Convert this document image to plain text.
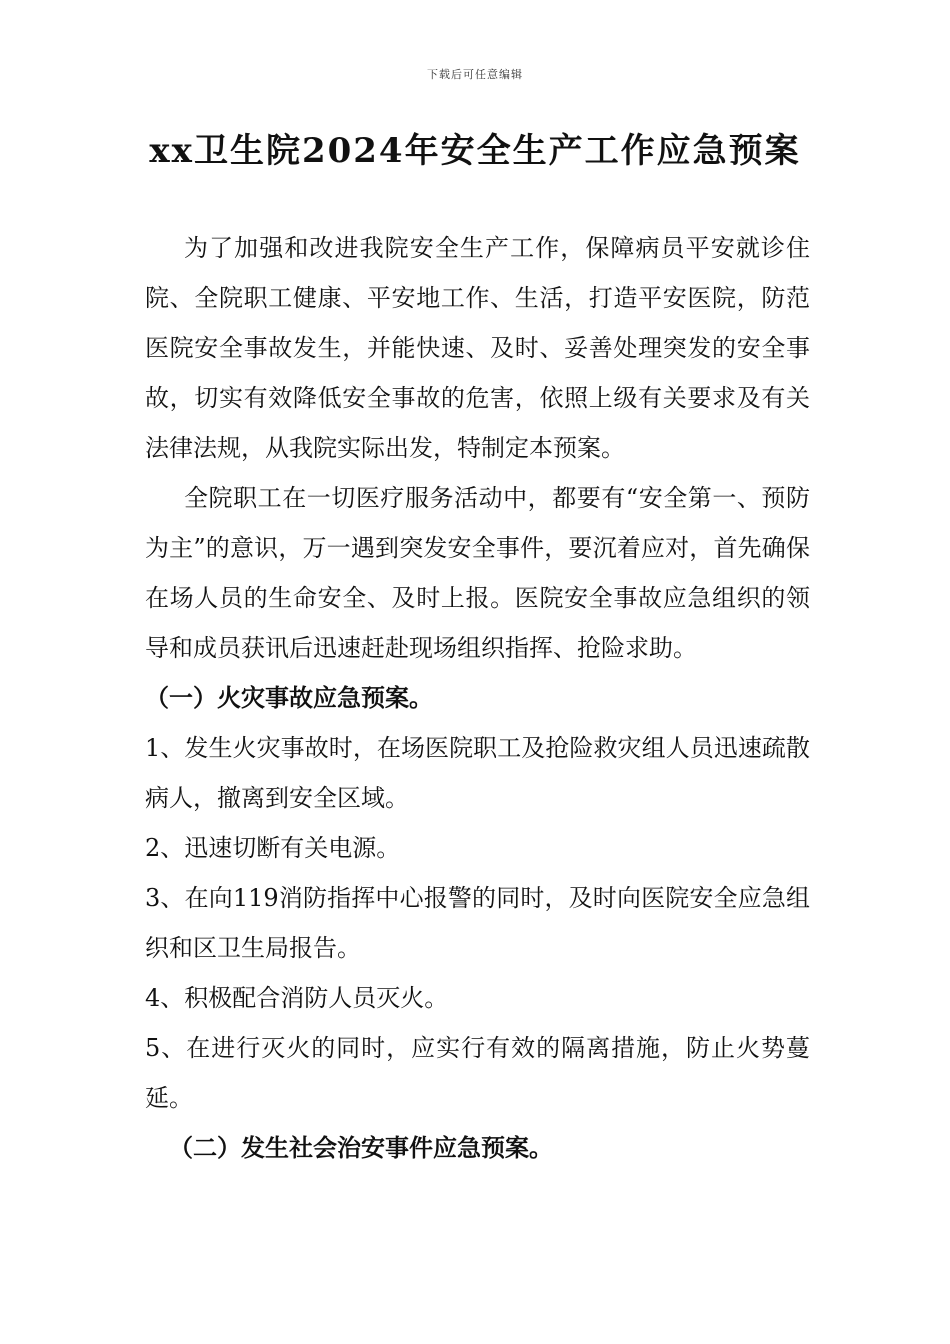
下载后可任意编辑
xx卫生院2024年安全生产工作应急预案

为了加强和改进我院安全生产工作，保障病员平安就诊住院、全院职工健康、平安地工作、生活，打造平安医院，防范医院安全事故发生，并能快速、及时、妥善处理突发的安全事故，切实有效降低安全事故的危害，依照上级有关要求及有关法律法规，从我院实际出发，特制定本预案。

全院职工在一切医疗服务活动中，都要有“安全第一、预防为主”的意识，万一遇到突发安全事件，要沉着应对，首先确保在场人员的生命安全、及时上报。医院安全事故应急组织的领导和成员获讯后迅速赶赴现场组织指挥、抢险求助。

（一）火灾事故应急预案。

1、发生火灾事故时，在场医院职工及抢险救灾组人员迅速疏散病人，撤离到安全区域。

2、迅速切断有关电源。

3、在向119消防指挥中心报警的同时，及时向医院安全应急组织和区卫生局报告。

4、积极配合消防人员灭火。

5、在进行灭火的同时，应实行有效的隔离措施，防止火势蔓延。

（二）发生社会治安事件应急预案。
